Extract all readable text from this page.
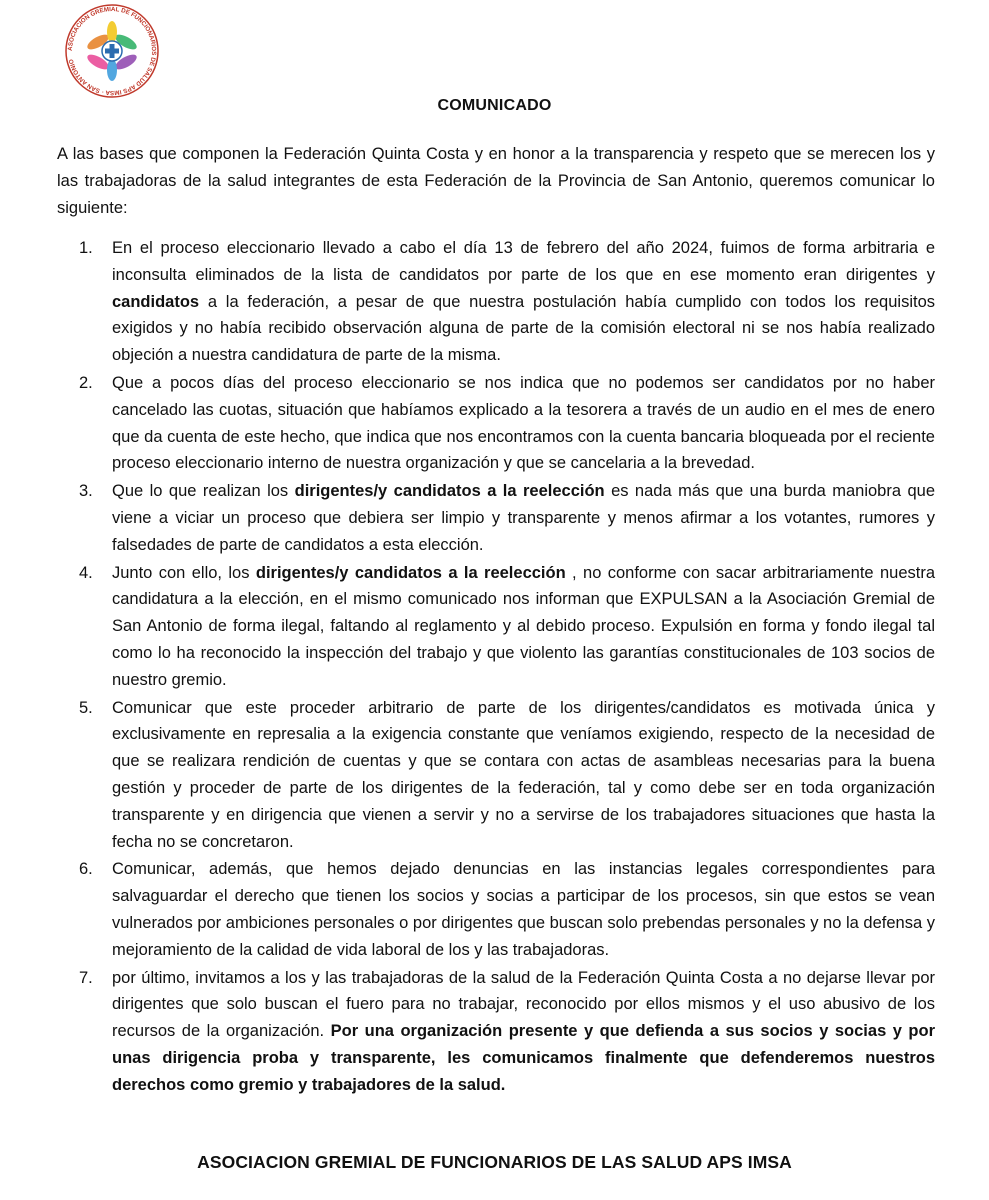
ASOCIACION GREMIAL DE FUNCIONARIOS DE SALUD APS IMSA · SAN ANTONIO
COMUNICADO

A las bases que componen la Federación Quinta Costa y en honor a la transparencia y respeto que se merecen los y las trabajadoras de la salud integrantes de esta Federación de la Provincia de San Antonio, queremos comunicar lo siguiente:

1. En el proceso eleccionario llevado a cabo el día 13 de febrero del año 2024, fuimos de forma arbitraria e inconsulta eliminados de la lista de candidatos por parte de los que en ese momento eran dirigentes y candidatos a la federación, a pesar de que nuestra postulación había cumplido con todos los requisitos exigidos y no había recibido observación alguna de parte de la comisión electoral ni se nos había realizado objeción a nuestra candidatura de parte de la misma.
2. Que a pocos días del proceso eleccionario se nos indica que no podemos ser candidatos por no haber cancelado las cuotas, situación que habíamos explicado a la tesorera a través de un audio en el mes de enero que da cuenta de este hecho, que indica que nos encontramos con la cuenta bancaria bloqueada por el reciente proceso eleccionario interno de nuestra organización y que se cancelaria a la brevedad.
3. Que lo que realizan los dirigentes/y candidatos a la reelección es nada más que una burda maniobra que viene a viciar un proceso que debiera ser limpio y transparente y menos afirmar a los votantes, rumores y falsedades de parte de candidatos a esta elección.
4. Junto con ello, los dirigentes/y candidatos a la reelección , no conforme con sacar arbitrariamente nuestra candidatura a la elección, en el mismo comunicado nos informan que EXPULSAN a la Asociación Gremial de San Antonio de forma ilegal, faltando al reglamento y al debido proceso. Expulsión en forma y fondo ilegal tal como lo ha reconocido la inspección del trabajo y que violento las garantías constitucionales de 103 socios de nuestro gremio.
5. Comunicar que este proceder arbitrario de parte de los dirigentes/candidatos es motivada única y exclusivamente en represalia a la exigencia constante que veníamos exigiendo, respecto de la necesidad de que se realizara rendición de cuentas y que se contara con actas de asambleas necesarias para la buena gestión y proceder de parte de los dirigentes de la federación, tal y como debe ser en toda organización transparente y en dirigencia que vienen a servir y no a servirse de los trabajadores situaciones que hasta la fecha no se concretaron.
6. Comunicar, además, que hemos dejado denuncias en las instancias legales correspondientes para salvaguardar el derecho que tienen los socios y socias a participar de los procesos, sin que estos se vean vulnerados por ambiciones personales o por dirigentes que buscan solo prebendas personales y no la defensa y mejoramiento de la calidad de vida laboral de los y las trabajadoras.
7. por último, invitamos a los y las trabajadoras de la salud de la Federación Quinta Costa a no dejarse llevar por dirigentes que solo buscan el fuero para no trabajar, reconocido por ellos mismos y el uso abusivo de los recursos de la organización. Por una organización presente y que defienda a sus socios y socias y por unas dirigencia proba y transparente, les comunicamos finalmente que defenderemos nuestros derechos como gremio y trabajadores de la salud.
ASOCIACION GREMIAL DE FUNCIONARIOS DE LAS SALUD APS IMSA
